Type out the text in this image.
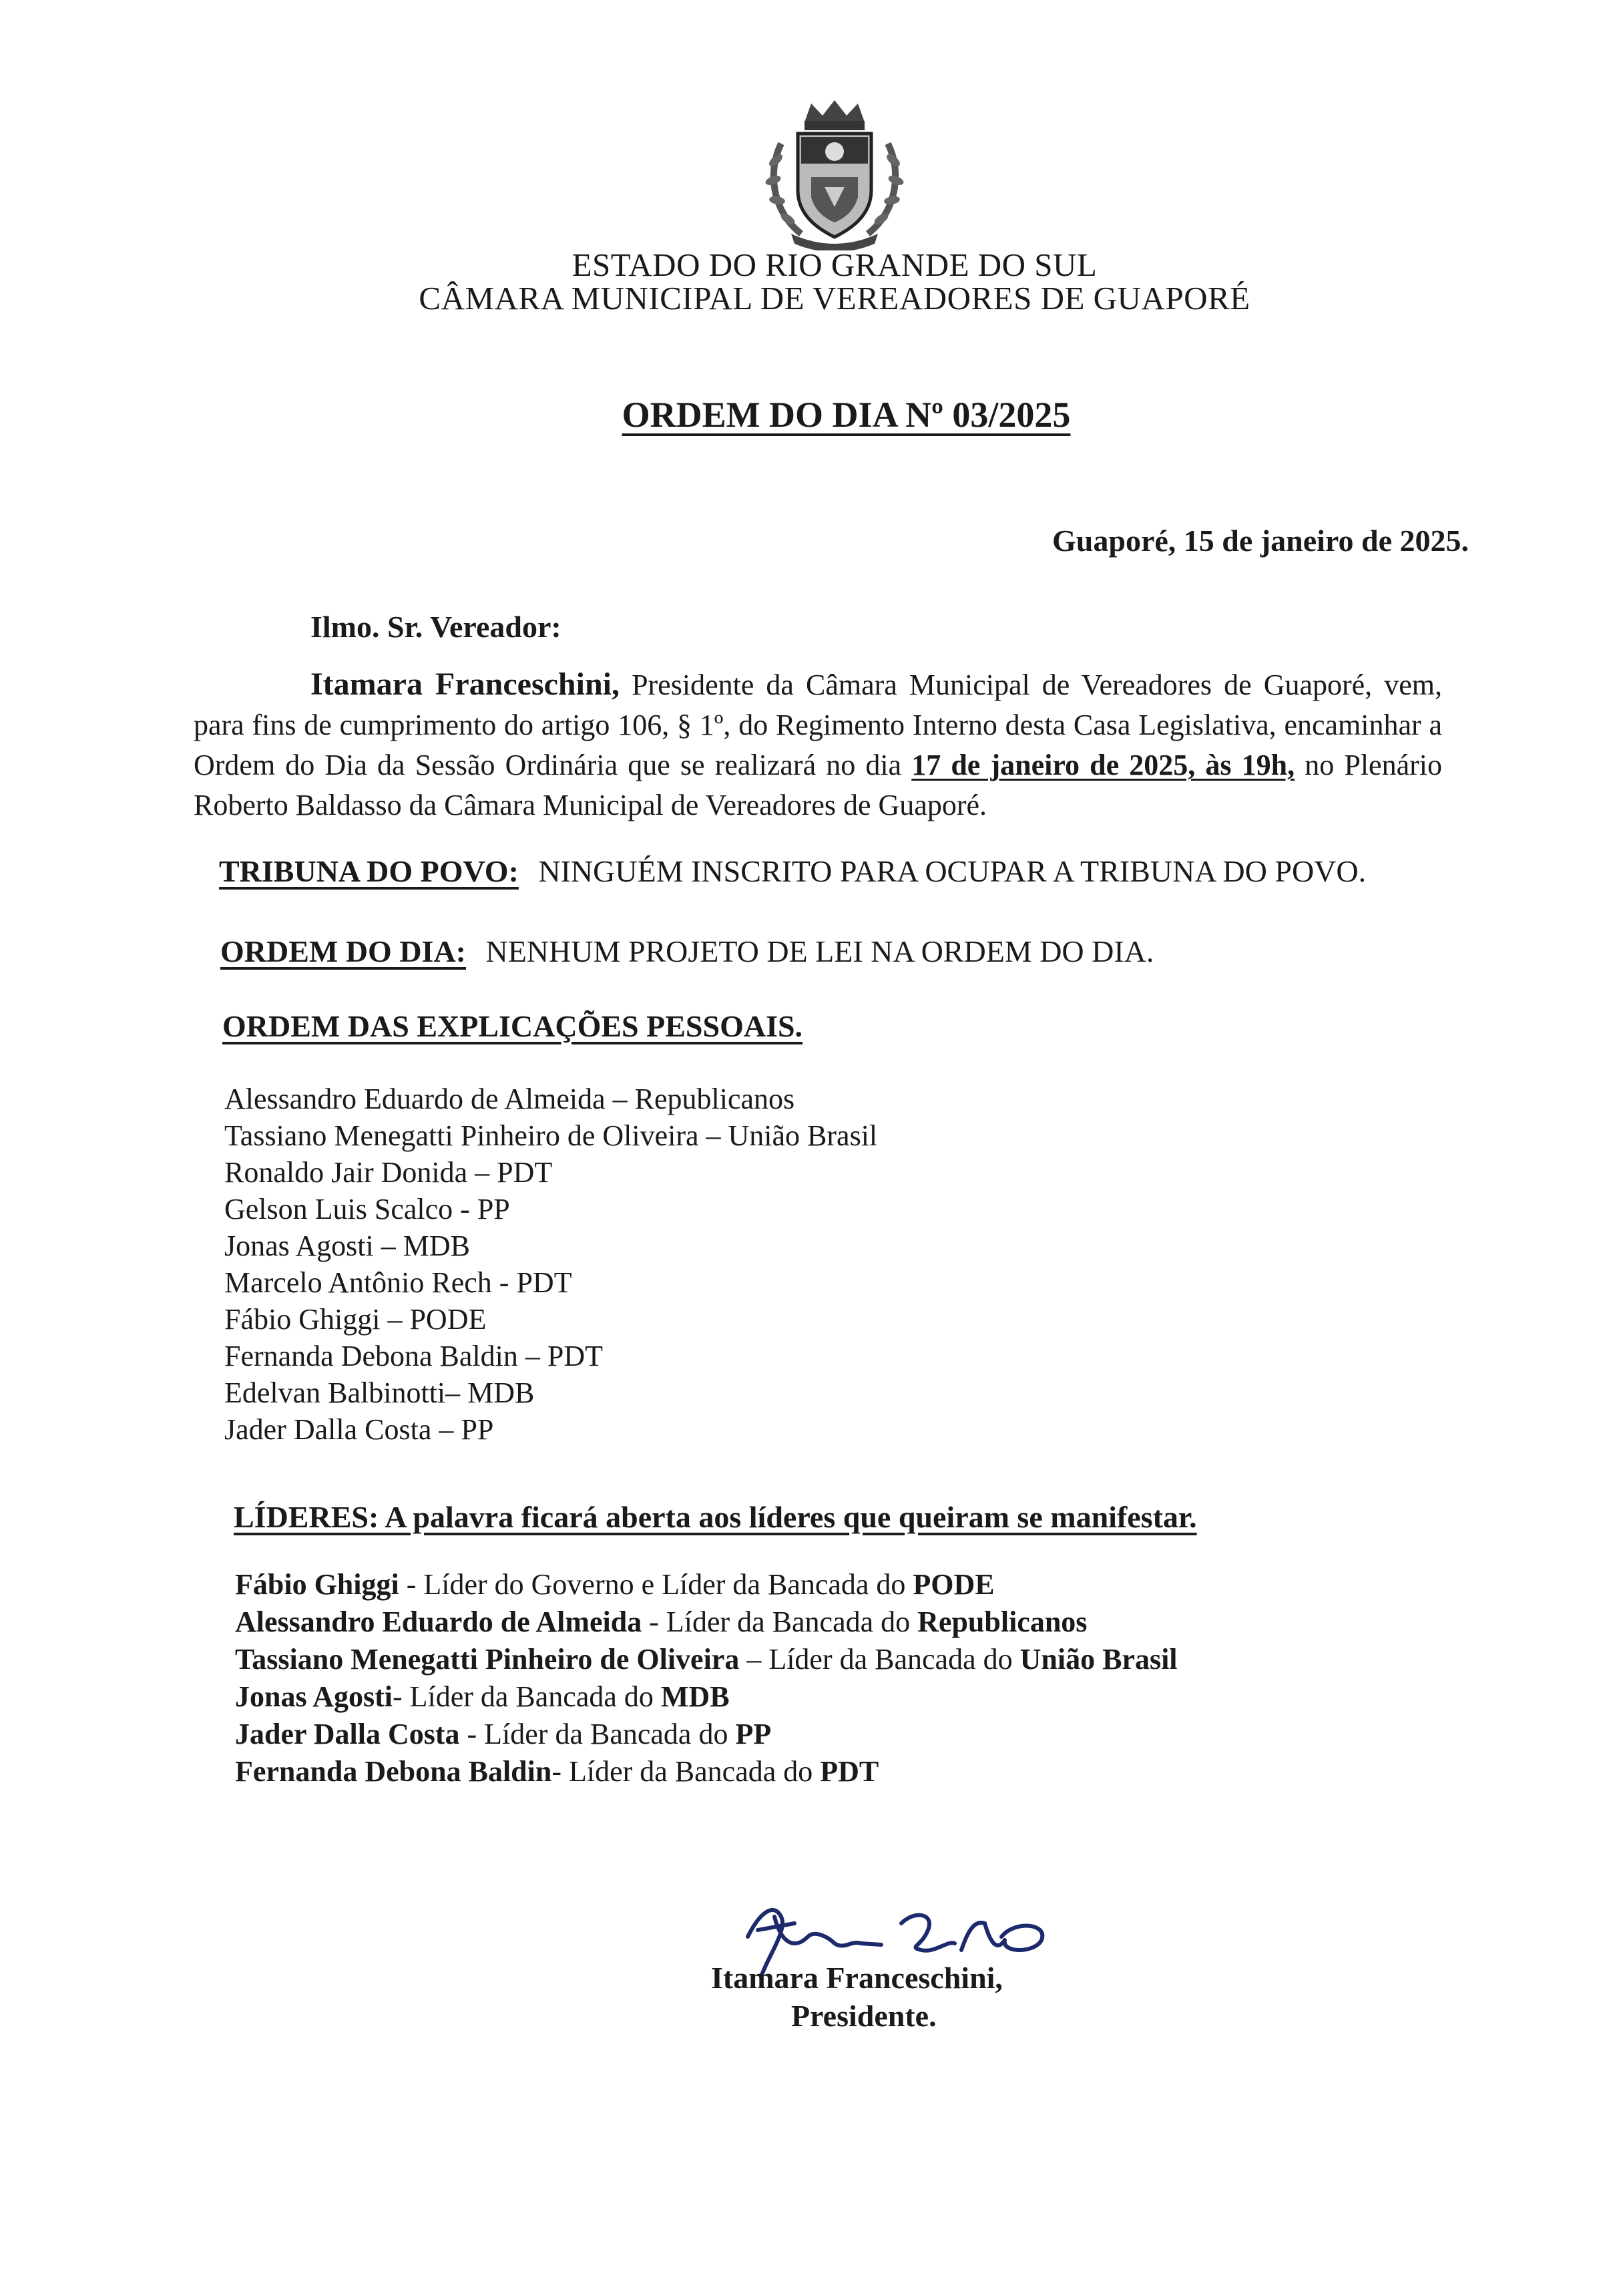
ESTADO DO RIO GRANDE DO SUL
CÂMARA MUNICIPAL DE VEREADORES DE GUAPORÉ
ORDEM DO DIA Nº 03/2025
Guaporé, 15 de janeiro de 2025.
Ilmo. Sr. Vereador:
Itamara Franceschini, Presidente da Câmara Municipal de Vereadores de Guaporé, vem, para fins de cumprimento do artigo 106, § 1º, do Regimento Interno desta Casa Legislativa, encaminhar a Ordem do Dia da Sessão Ordinária que se realizará no dia 17 de janeiro de 2025, às 19h, no Plenário Roberto Baldasso da Câmara Municipal de Vereadores de Guaporé.
TRIBUNA DO POVO: NINGUÉM INSCRITO PARA OCUPAR A TRIBUNA DO POVO.
ORDEM DO DIA: NENHUM PROJETO DE LEI NA ORDEM DO DIA.
ORDEM DAS EXPLICAÇÕES PESSOAIS.
Alessandro Eduardo de Almeida – Republicanos
Tassiano Menegatti Pinheiro de Oliveira – União Brasil
Ronaldo Jair Donida – PDT
Gelson Luis Scalco - PP
Jonas Agosti – MDB
Marcelo Antônio Rech - PDT
Fábio Ghiggi – PODE
Fernanda Debona Baldin – PDT
Edelvan Balbinotti– MDB
Jader Dalla Costa – PP
LÍDERES: A palavra ficará aberta aos líderes que queiram se manifestar.
Fábio Ghiggi - Líder do Governo e Líder da Bancada do PODE
Alessandro Eduardo de Almeida - Líder da Bancada do Republicanos
Tassiano Menegatti Pinheiro de Oliveira – Líder da Bancada do União Brasil
Jonas Agosti- Líder da Bancada do MDB
Jader Dalla Costa - Líder da Bancada do PP
Fernanda Debona Baldin- Líder da Bancada do PDT
Itamara Franceschini,
Presidente.
